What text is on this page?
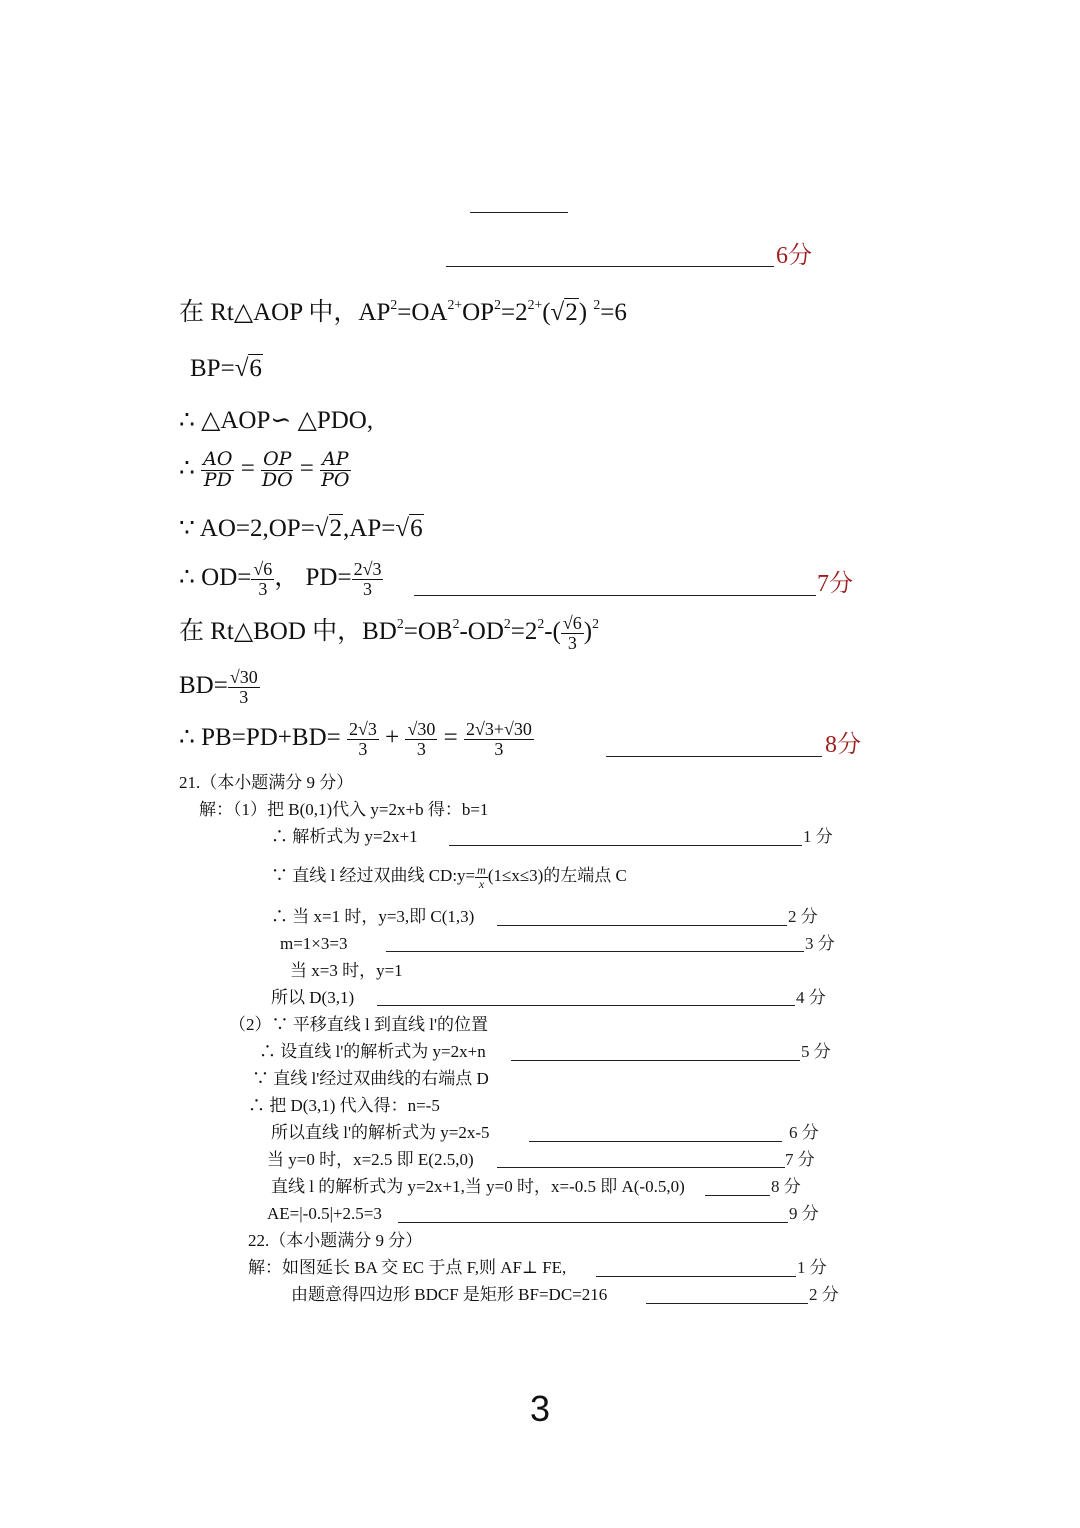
6分
在 Rt△AOP 中，$AP^2=OA^{2+}OP^2=2^{2+}(√2)$ $^2$=6
BP=√6
∴ △AOP∽ △PDO,
∴ $\frac{AO}{PD} = \frac{OP}{DO} = \frac{AP}{PO}$
∵ AO=2,OP=√2,AP=√6
∴ $OD= \frac{√6}{3}$ ， $PD= \frac{2√3}{3}$	7分
在 Rt△BOD 中，$BD^2=OB^2-OD^2=2^2-( \frac{√6}{3} )^2$
$BD= \frac{√30}{3}$
∴ $PB=PD+BD= \frac{2√3}{3} + \frac{√30}{3} = \frac{2√3+√30}{3}$	8分
21.（本小题满分 9 分）
解：（1）把 B(0,1)代入 y=2x+b 得：b=1
∴ 解析式为 y=2x+1	1 分
∵ 直线 l 经过双曲线 CD:y= $\frac{m}{x} (1\le x\le 3)$的左端点 C
∴ 当 x=1 时，y=3,即 C(1,3)	2 分
m=1×3=3	3 分
当 x=3 时，y=1
所以 D(3,1)	4 分
（2）∵ 平移直线 l 到直线 l'的位置
∴ 设直线 l'的解析式为 y=2x+n	5 分
∵ 直线 l'经过双曲线的右端点 D
∴ 把 D(3,1) 代入得：n=-5
所以直线 l'的解析式为 y=2x-5	6 分
当 y=0 时，x=2.5 即 E(2.5,0)	7 分
直线 l 的解析式为 y=2x+1,当 y=0 时，x=-0.5 即 A(-0.5,0)	8 分
AE=|-0.5|+2.5=3	9 分
22.（本小题满分 9 分）
解：如图延长 BA 交 EC 于点 F,则 AF⊥ FE,	1 分
由题意得四边形 BDCF 是矩形 BF=DC=216	2 分
3
